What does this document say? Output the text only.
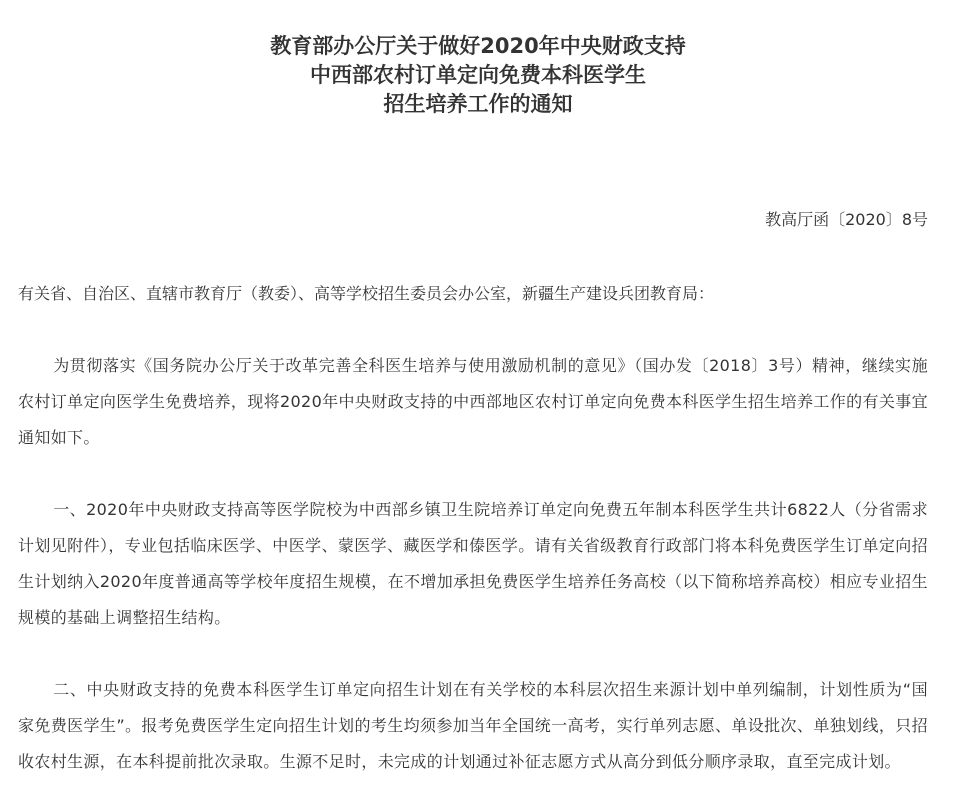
教育部办公厅关于做好2020年中央财政支持
中西部农村订单定向免费本科医学生
招生培养工作的通知
教高厅函〔2020〕8号
有关省、自治区、直辖市教育厅（教委）、高等学校招生委员会办公室，新疆生产建设兵团教育局：

为贯彻落实《国务院办公厅关于改革完善全科医生培养与使用激励机制的意见》（国办发〔2018〕3号）精神，继续实施农村订单定向医学生免费培养，现将2020年中央财政支持的中西部地区农村订单定向免费本科医学生招生培养工作的有关事宜通知如下。

一、2020年中央财政支持高等医学院校为中西部乡镇卫生院培养订单定向免费五年制本科医学生共计6822人（分省需求计划见附件），专业包括临床医学、中医学、蒙医学、藏医学和傣医学。请有关省级教育行政部门将本科免费医学生订单定向招生计划纳入2020年度普通高等学校年度招生规模，在不增加承担免费医学生培养任务高校（以下简称培养高校）相应专业招生规模的基础上调整招生结构。

二、中央财政支持的免费本科医学生订单定向招生计划在有关学校的本科层次招生来源计划中单列编制，计划性质为“国家免费医学生”。报考免费医学生定向招生计划的考生均须参加当年全国统一高考，实行单列志愿、单设批次、单独划线，只招收农村生源，在本科提前批次录取。生源不足时，未完成的计划通过补征志愿方式从高分到低分顺序录取，直至完成计划。
